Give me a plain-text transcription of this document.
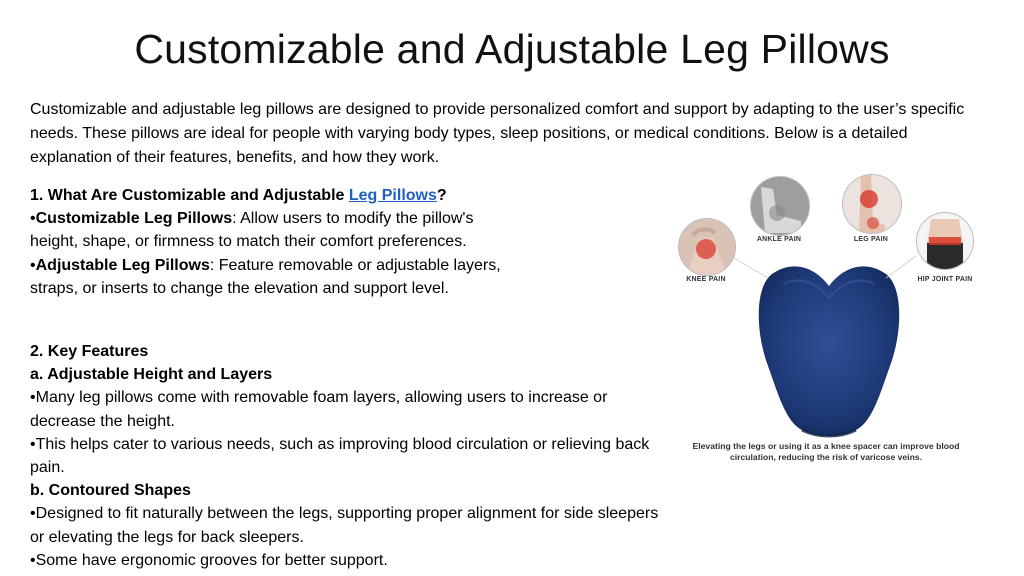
Customizable and Adjustable Leg Pillows
Customizable and adjustable leg pillows are designed to provide personalized comfort and support by adapting to the user’s specific needs. These pillows are ideal for people with varying body types, sleep positions, or medical conditions. Below is a detailed explanation of their features, benefits, and how they work.
1. What Are Customizable and Adjustable Leg Pillows?
•Customizable Leg Pillows: Allow users to modify the pillow's height, shape, or firmness to match their comfort preferences.
•Adjustable Leg Pillows: Feature removable or adjustable layers, straps, or inserts to change the elevation and support level.
2. Key Features
a. Adjustable Height and Layers
•Many leg pillows come with removable foam layers, allowing users to increase or decrease the height.
•This helps cater to various needs, such as improving blood circulation or relieving back pain.
b. Contoured Shapes
•Designed to fit naturally between the legs, supporting proper alignment for side sleepers or elevating the legs for back sleepers.
•Some have ergonomic grooves for better support.
KNEE PAIN
ANKLE PAIN	LEG PAIN
HIP JOINT PAIN
Elevating the legs or using it as a knee spacer can improve blood circulation, reducing the risk of varicose veins.
